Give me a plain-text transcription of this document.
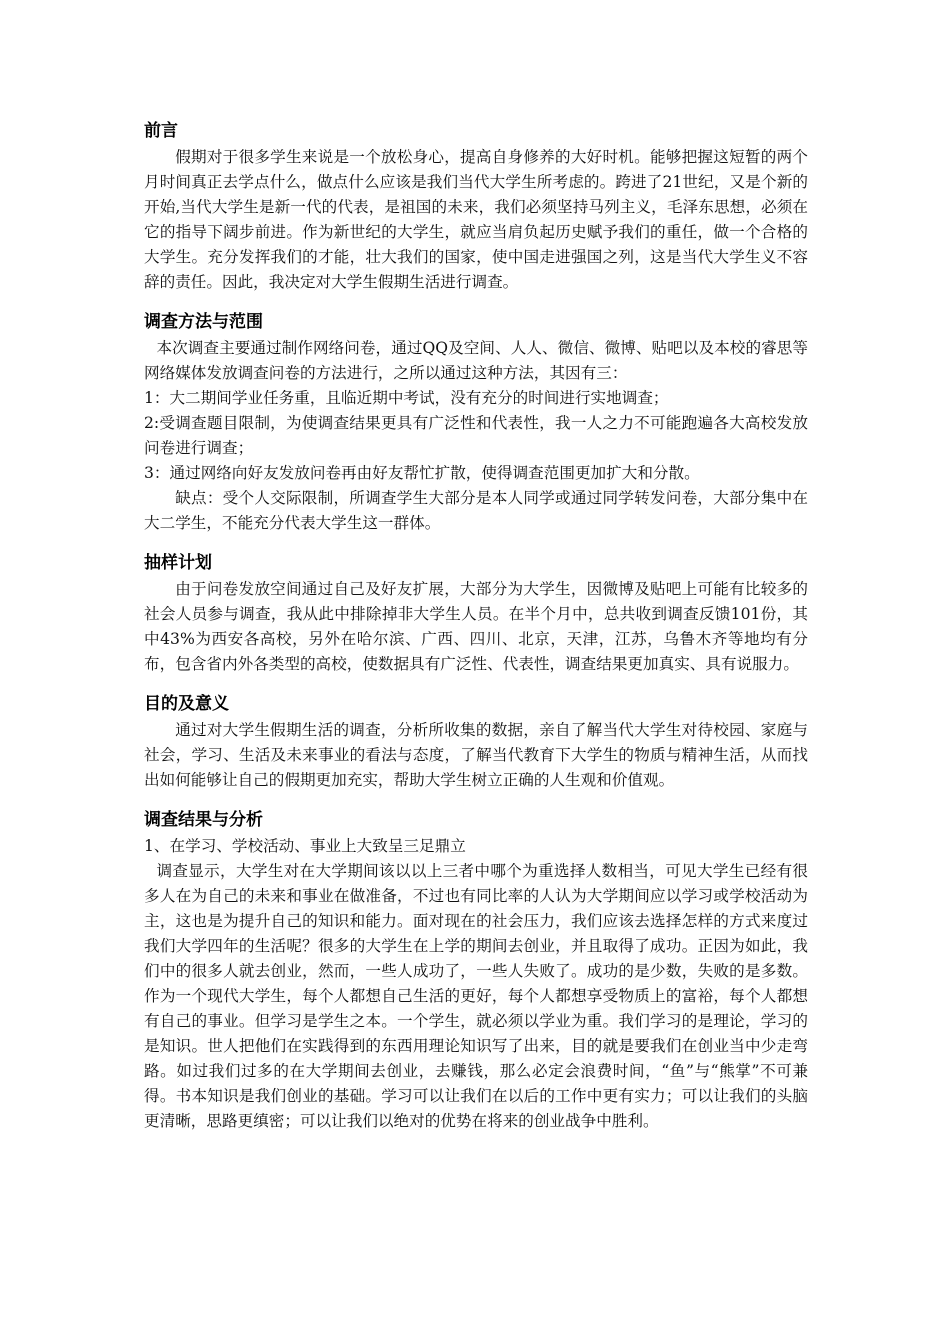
前言

假期对于很多学生来说是一个放松身心，提高自身修养的大好时机。能够把握这短暂的两个月时间真正去学点什么，做点什么应该是我们当代大学生所考虑的。跨进了21世纪，又是个新的开始,当代大学生是新一代的代表，是祖国的未来，我们必须坚持马列主义，毛泽东思想，必须在它的指导下阔步前进。作为新世纪的大学生，就应当肩负起历史赋予我们的重任，做一个合格的大学生。充分发挥我们的才能，壮大我们的国家，使中国走进强国之列，这是当代大学生义不容辞的责任。因此，我决定对大学生假期生活进行调查。

调查方法与范围

本次调查主要通过制作网络问卷，通过QQ及空间、人人、微信、微博、贴吧以及本校的睿思等网络媒体发放调查问卷的方法进行，之所以通过这种方法，其因有三：

1：大二期间学业任务重，且临近期中考试，没有充分的时间进行实地调查；

2:受调查题目限制，为使调查结果更具有广泛性和代表性，我一人之力不可能跑遍各大高校发放问卷进行调查；

3：通过网络向好友发放问卷再由好友帮忙扩散，使得调查范围更加扩大和分散。

缺点：受个人交际限制，所调查学生大部分是本人同学或通过同学转发问卷，大部分集中在大二学生，不能充分代表大学生这一群体。

抽样计划

由于问卷发放空间通过自己及好友扩展，大部分为大学生，因微博及贴吧上可能有比较多的社会人员参与调查，我从此中排除掉非大学生人员。在半个月中，总共收到调查反馈101份，其中43%为西安各高校，另外在哈尔滨、广西、四川、北京，天津，江苏，乌鲁木齐等地均有分布，包含省内外各类型的高校，使数据具有广泛性、代表性，调查结果更加真实、具有说服力。

目的及意义

通过对大学生假期生活的调查，分析所收集的数据，亲自了解当代大学生对待校园、家庭与社会，学习、生活及未来事业的看法与态度，了解当代教育下大学生的物质与精神生活，从而找出如何能够让自己的假期更加充实，帮助大学生树立正确的人生观和价值观。

调查结果与分析

1、在学习、学校活动、事业上大致呈三足鼎立

调查显示，大学生对在大学期间该以以上三者中哪个为重选择人数相当，可见大学生已经有很多人在为自己的未来和事业在做准备，不过也有同比率的人认为大学期间应以学习或学校活动为主，这也是为提升自己的知识和能力。面对现在的社会压力，我们应该去选择怎样的方式来度过我们大学四年的生活呢？很多的大学生在上学的期间去创业，并且取得了成功。正因为如此，我们中的很多人就去创业，然而，一些人成功了，一些人失败了。成功的是少数，失败的是多数。作为一个现代大学生，每个人都想自己生活的更好，每个人都想享受物质上的富裕，每个人都想有自己的事业。但学习是学生之本。一个学生，就必须以学业为重。我们学习的是理论，学习的是知识。世人把他们在实践得到的东西用理论知识写了出来，目的就是要我们在创业当中少走弯路。如过我们过多的在大学期间去创业，去赚钱，那么必定会浪费时间，“鱼”与“熊掌”不可兼得。书本知识是我们创业的基础。学习可以让我们在以后的工作中更有实力；可以让我们的头脑更清晰，思路更缜密；可以让我们以绝对的优势在将来的创业战争中胜利。
